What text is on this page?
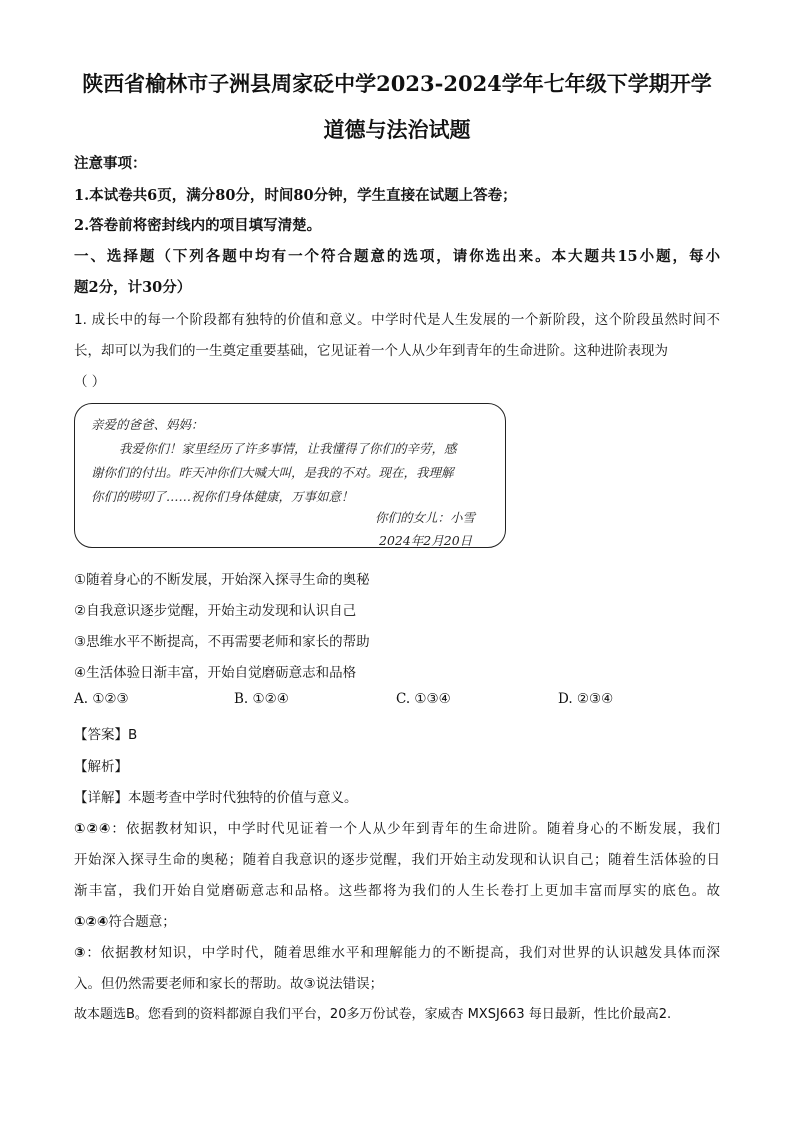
陕西省榆林市子洲县周家砭中学2023-2024学年七年级下学期开学
道德与法治试题
注意事项：
1.本试卷共6页，满分80分，时间80分钟，学生直接在试题上答卷；
2.答卷前将密封线内的项目填写清楚。
一、选择题（下列各题中均有一个符合题意的选项，请你选出来。本大题共15小题，每小
题2分，计30分）
1. 成长中的每一个阶段都有独特的价值和意义。中学时代是人生发展的一个新阶段，这个阶段虽然时间不
长，却可以为我们的一生奠定重要基础，它见证着一个人从少年到青年的生命进阶。这种进阶表现为
（ ）
亲爱的爸爸、妈妈：
我爱你们！家里经历了许多事情，让我懂得了你们的辛劳，感
谢你们的付出。昨天冲你们大喊大叫，是我的不对。现在，我理解
你们的唠叨了……祝你们身体健康，万事如意！
你们的女儿：小雪
2024年2月20日
①随着身心的不断发展，开始深入探寻生命的奥秘
②自我意识逐步觉醒，开始主动发现和认识自己
③思维水平不断提高，不再需要老师和家长的帮助
④生活体验日渐丰富，开始自觉磨砺意志和品格
A. ①②③	B. ①②④	C. ①③④	D. ②③④
【答案】B
【解析】
【详解】本题考查中学时代独特的价值与意义。
①②④：依据教材知识，中学时代见证着一个人从少年到青年的生命进阶。随着身心的不断发展，我们
开始深入探寻生命的奥秘；随着自我意识的逐步觉醒，我们开始主动发现和认识自己；随着生活体验的日
渐丰富，我们开始自觉磨砺意志和品格。这些都将为我们的人生长卷打上更加丰富而厚实的底色。故
①②④符合题意；
③：依据教材知识，中学时代，随着思维水平和理解能力的不断提高，我们对世界的认识越发具体而深
入。但仍然需要老师和家长的帮助。故③说法错误；
故本题选B。您看到的资料都源自我们平台，20多万份试卷，家威杏 MXSJ663 每日最新，性比价最高2.
